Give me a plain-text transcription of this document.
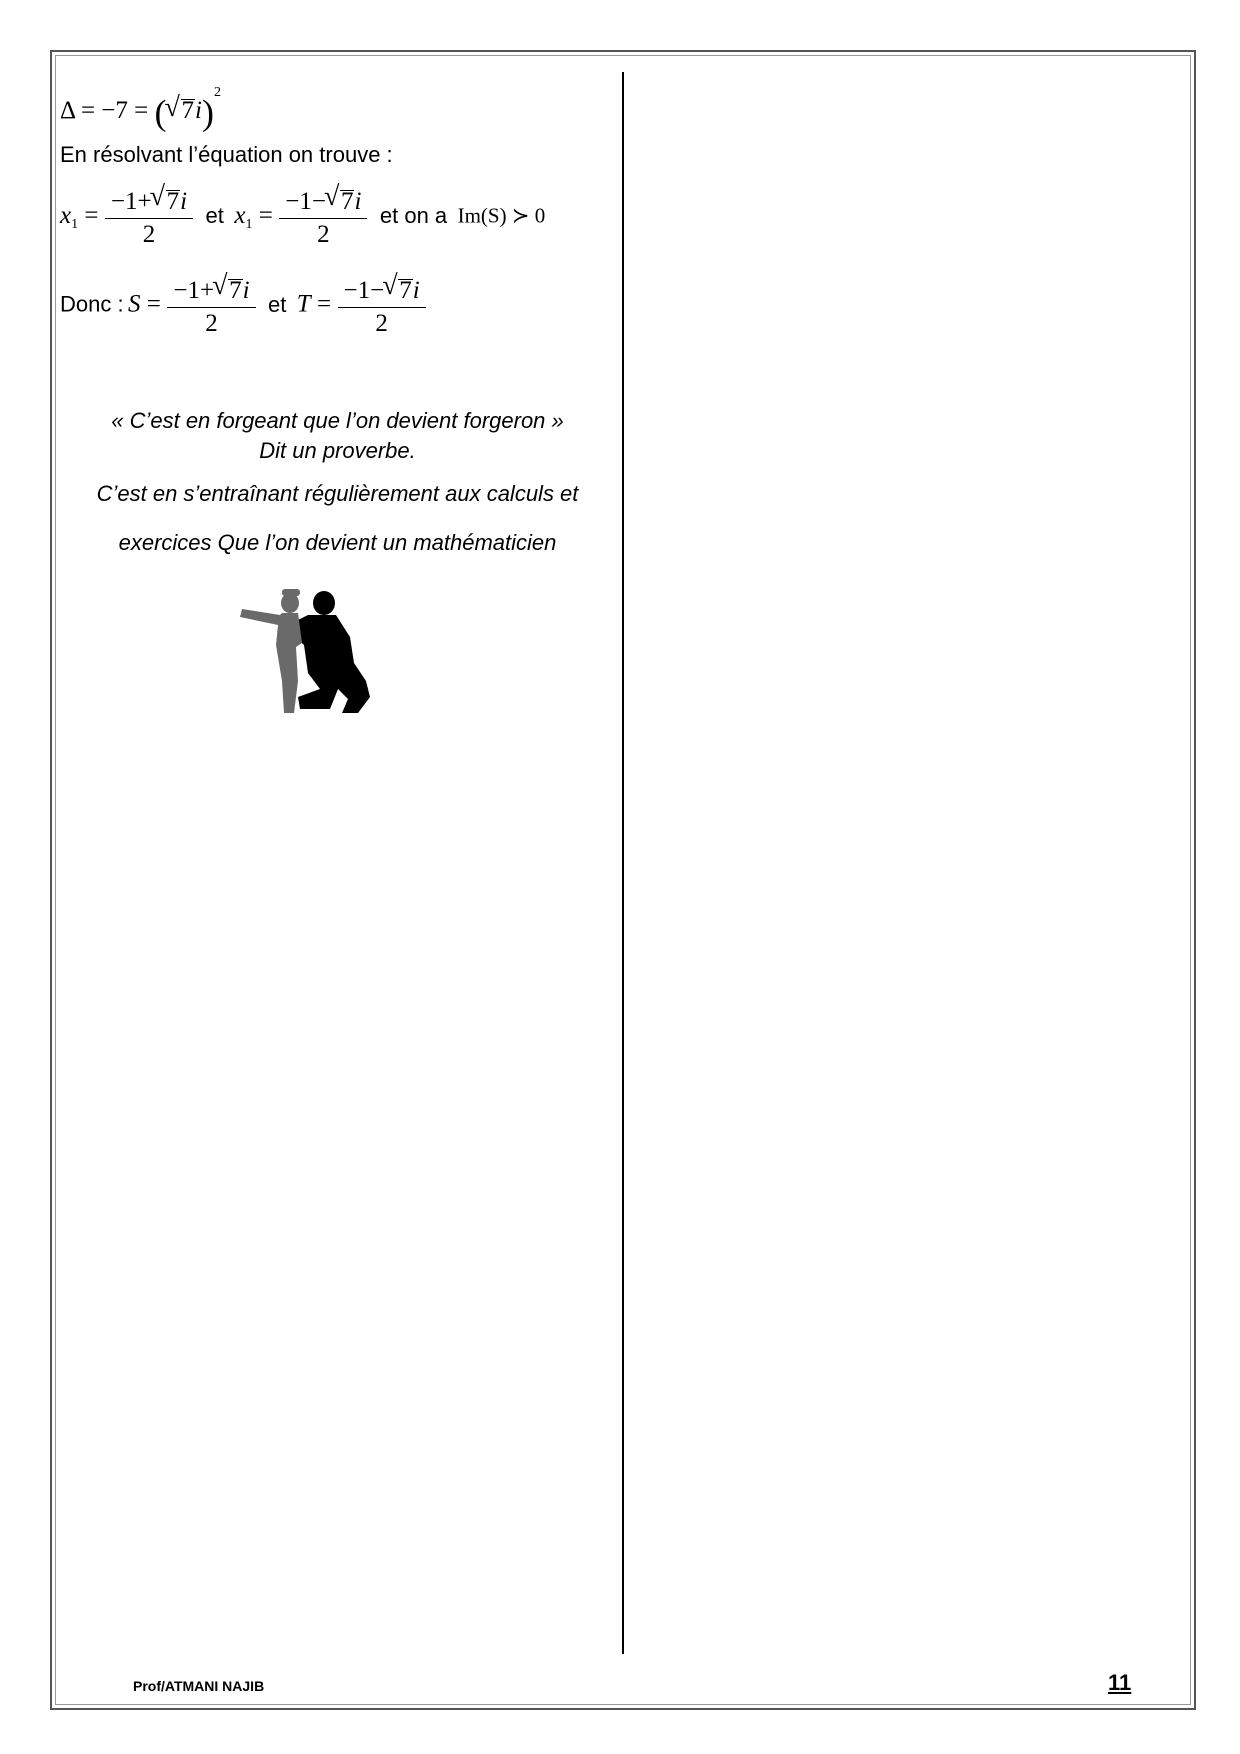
Δ = −7 = ( √ 7i)$^2$
En résolvant l’équation on trouve :
$x_1 = \frac{-1+ √ 7i}{2}$ et $x_1 = \frac{-1- √ 7i}{2}$ et on a Im(S) ≻ 0
Donc : $S = \frac{-1+ √ 7i}{2}$ et $T = \frac{-1- √ 7i}{2}$
« C’est en forgeant que l’on devient forgeron »
Dit un proverbe.
C’est en s’entraînant régulièrement aux calculs et
exercices Que l’on devient un mathématicien
Prof/ATMANI NAJIB	11
